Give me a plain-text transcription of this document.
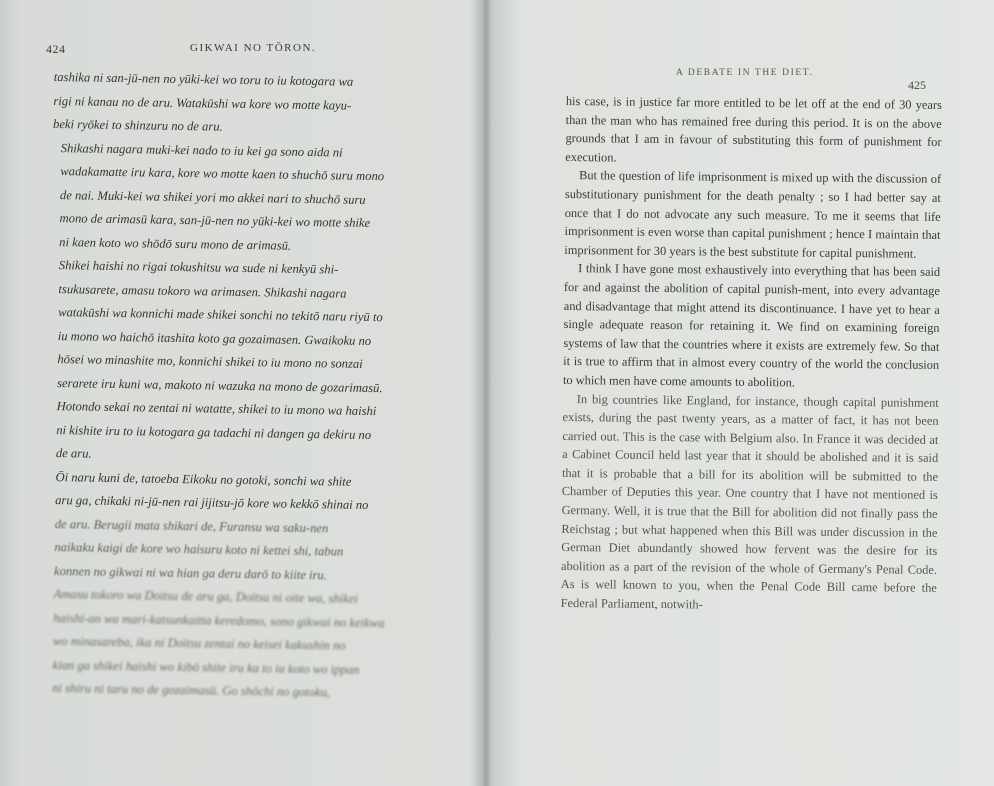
424	GIKWAI NO TŌRON.

tashika ni san-jū-nen no yūki-kei wo toru to iu kotogara wa
rigi ni kanau no de aru. Watakūshi wa kore wo motte kayu-
beki ryōkei to shinzuru no de aru.

Shikashi nagara muki-kei nado to iu kei ga sono aida ni
wadakamatte iru kara, kore wo motte kaen to shuchō suru mono
de nai. Muki-kei wa shikei yori mo akkei nari to shuchō suru
mono de arimasū kara, san-jū-nen no yūki-kei wo motte shike
ni kaen koto wo shōdō suru mono de arimasū.

Shikei haishi no rigai tokushitsu wa sude ni kenkyū shi-
tsukusarete, amasu tokoro wa arimasen. Shikashi nagara
watakūshi wa konnichi made shikei sonchi no tekitō naru riyū to
iu mono wo haichō itashita koto ga gozaimasen. Gwaikoku no
hōsei wo minashite mo, konnichi shikei to iu mono no sonzai
serarete iru kuni wa, makoto ni wazuka na mono de gozarimasū.
Hotondo sekai no zentai ni watatte, shikei to iu mono wa haishi
ni kishite iru to iu kotogara ga tadachi ni dangen ga dekiru no
de aru.

Ōi naru kuni de, tatoeba Eikoku no gotoki, sonchi wa shite
aru ga, chikaki ni-jū-nen rai jijitsu-jō kore wo kekkō shinai no
de aru. Berugii mata shikari de, Furansu wa saku-nen
naikaku kaigi de kore wo haisuru koto ni kettei shi, tabun
konnen no gikwai ni wa hian ga deru darō to kiite iru.
Amasu tokoro wa Doitsu de aru ga, Doitsu ni oite wa, shikei
haishi-an wa mari-katsunkaitta keredomo, sono gikwai no keikwa
wo minasareba, ika ni Doitsu zentai no keisei kakushin no
kian ga shikei haishi wo kibō shite iru ka to iu koto wo ippan
ni shiru ni taru no de gozaimasū. Go shōchi no gotoku,

A DEBATE IN THE DIET.
425

his case, is in justice far more entitled to be let off at the end of 30 years than the man who has remained free during this period. It is on the above grounds that I am in favour of substituting this form of punishment for execution.

But the question of life imprisonment is mixed up with the discussion of substitutionary punishment for the death penalty ; so I had better say at once that I do not advocate any such measure. To me it seems that life imprisonment is even worse than capital punishment ; hence I maintain that imprisonment for 30 years is the best substitute for capital punishment.

I think I have gone most exhaustively into everything that has been said for and against the abolition of capital punish-ment, into every advantage and disadvantage that might attend its discontinuance. I have yet to hear a single adequate reason for retaining it. We find on examining foreign systems of law that the countries where it exists are extremely few. So that it is true to affirm that in almost every country of the world the conclusion to which men have come amounts to abolition.

In big countries like England, for instance, though capital punishment exists, during the past twenty years, as a matter of fact, it has not been carried out. This is the case with Belgium also. In France it was decided at a Cabinet Council held last year that it should be abolished and it is said that it is probable that a bill for its abolition will be submitted to the Chamber of Deputies this year. One country that I have not mentioned is Germany. Well, it is true that the Bill for abolition did not finally pass the Reichstag ; but what happened when this Bill was under discussion in the German Diet abundantly showed how fervent was the desire for its abolition as a part of the revision of the whole of Germany's Penal Code. As is well known to you, when the Penal Code Bill came before the Federal Parliament, notwith-
